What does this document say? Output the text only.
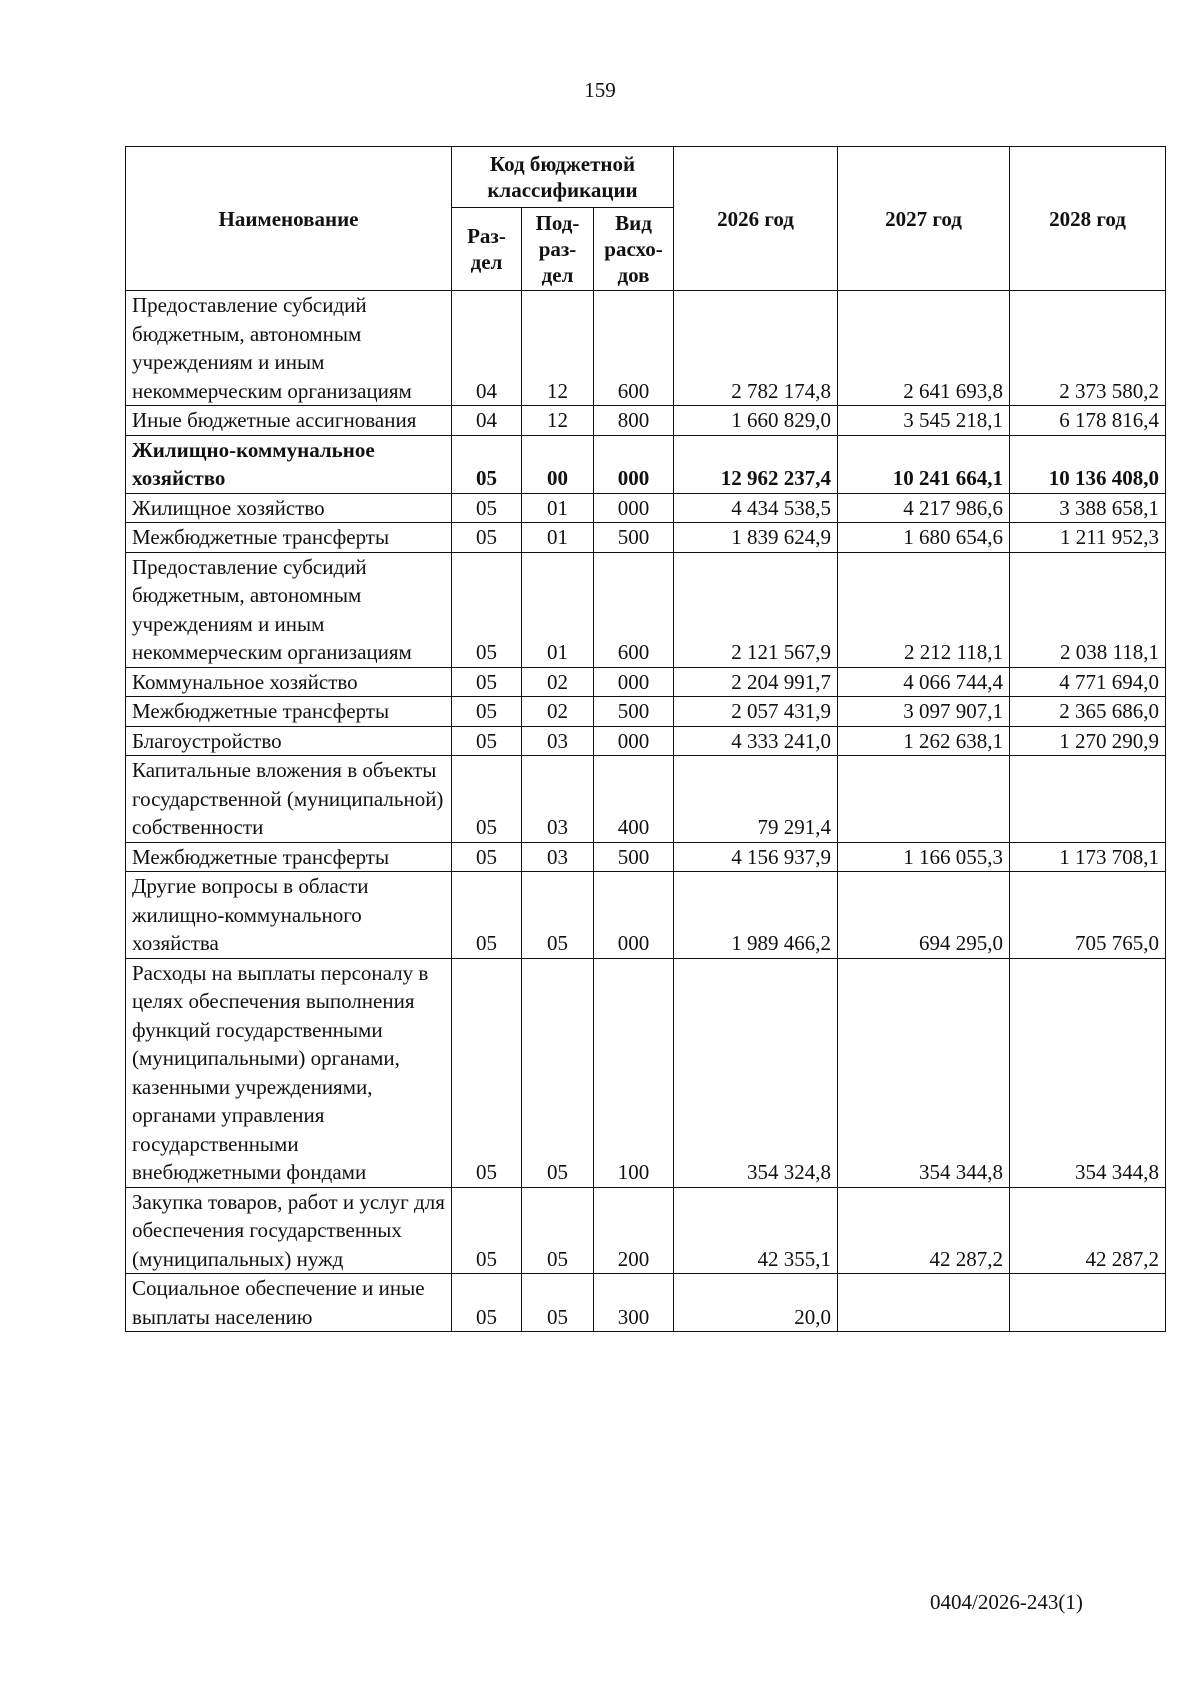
159
Наименование	Код бюджетной классификации			2026 год	2027 год	2028 год
	Раз-дел	Под-раз-дел	Вид расхо-дов			
Предоставление субсидий бюджетным, автономным учреждениям и иным некоммерческим организациям	04	12	600	2 782 174,8	2 641 693,8	2 373 580,2
Иные бюджетные ассигнования	04	12	800	1 660 829,0	3 545 218,1	6 178 816,4
Жилищно-коммунальное хозяйство	05	00	000	12 962 237,4	10 241 664,1	10 136 408,0
Жилищное хозяйство	05	01	000	4 434 538,5	4 217 986,6	3 388 658,1
Межбюджетные трансферты	05	01	500	1 839 624,9	1 680 654,6	1 211 952,3
Предоставление субсидий бюджетным, автономным учреждениям и иным некоммерческим организациям	05	01	600	2 121 567,9	2 212 118,1	2 038 118,1
Коммунальное хозяйство	05	02	000	2 204 991,7	4 066 744,4	4 771 694,0
Межбюджетные трансферты	05	02	500	2 057 431,9	3 097 907,1	2 365 686,0
Благоустройство	05	03	000	4 333 241,0	1 262 638,1	1 270 290,9
Капитальные вложения в объекты государственной (муниципальной) собственности	05	03	400	79 291,4		
Межбюджетные трансферты	05	03	500	4 156 937,9	1 166 055,3	1 173 708,1
Другие вопросы в области жилищно-коммунального хозяйства	05	05	000	1 989 466,2	694 295,0	705 765,0
Расходы на выплаты персоналу в целях обеспечения выполнения функций государственными (муниципальными) органами, казенными учреждениями, органами управления государственными внебюджетными фондами	05	05	100	354 324,8	354 344,8	354 344,8
Закупка товаров, работ и услуг для обеспечения государственных (муниципальных) нужд	05	05	200	42 355,1	42 287,2	42 287,2
Социальное обеспечение и иные выплаты населению	05	05	300	20,0		
0404/2026-243(1)
